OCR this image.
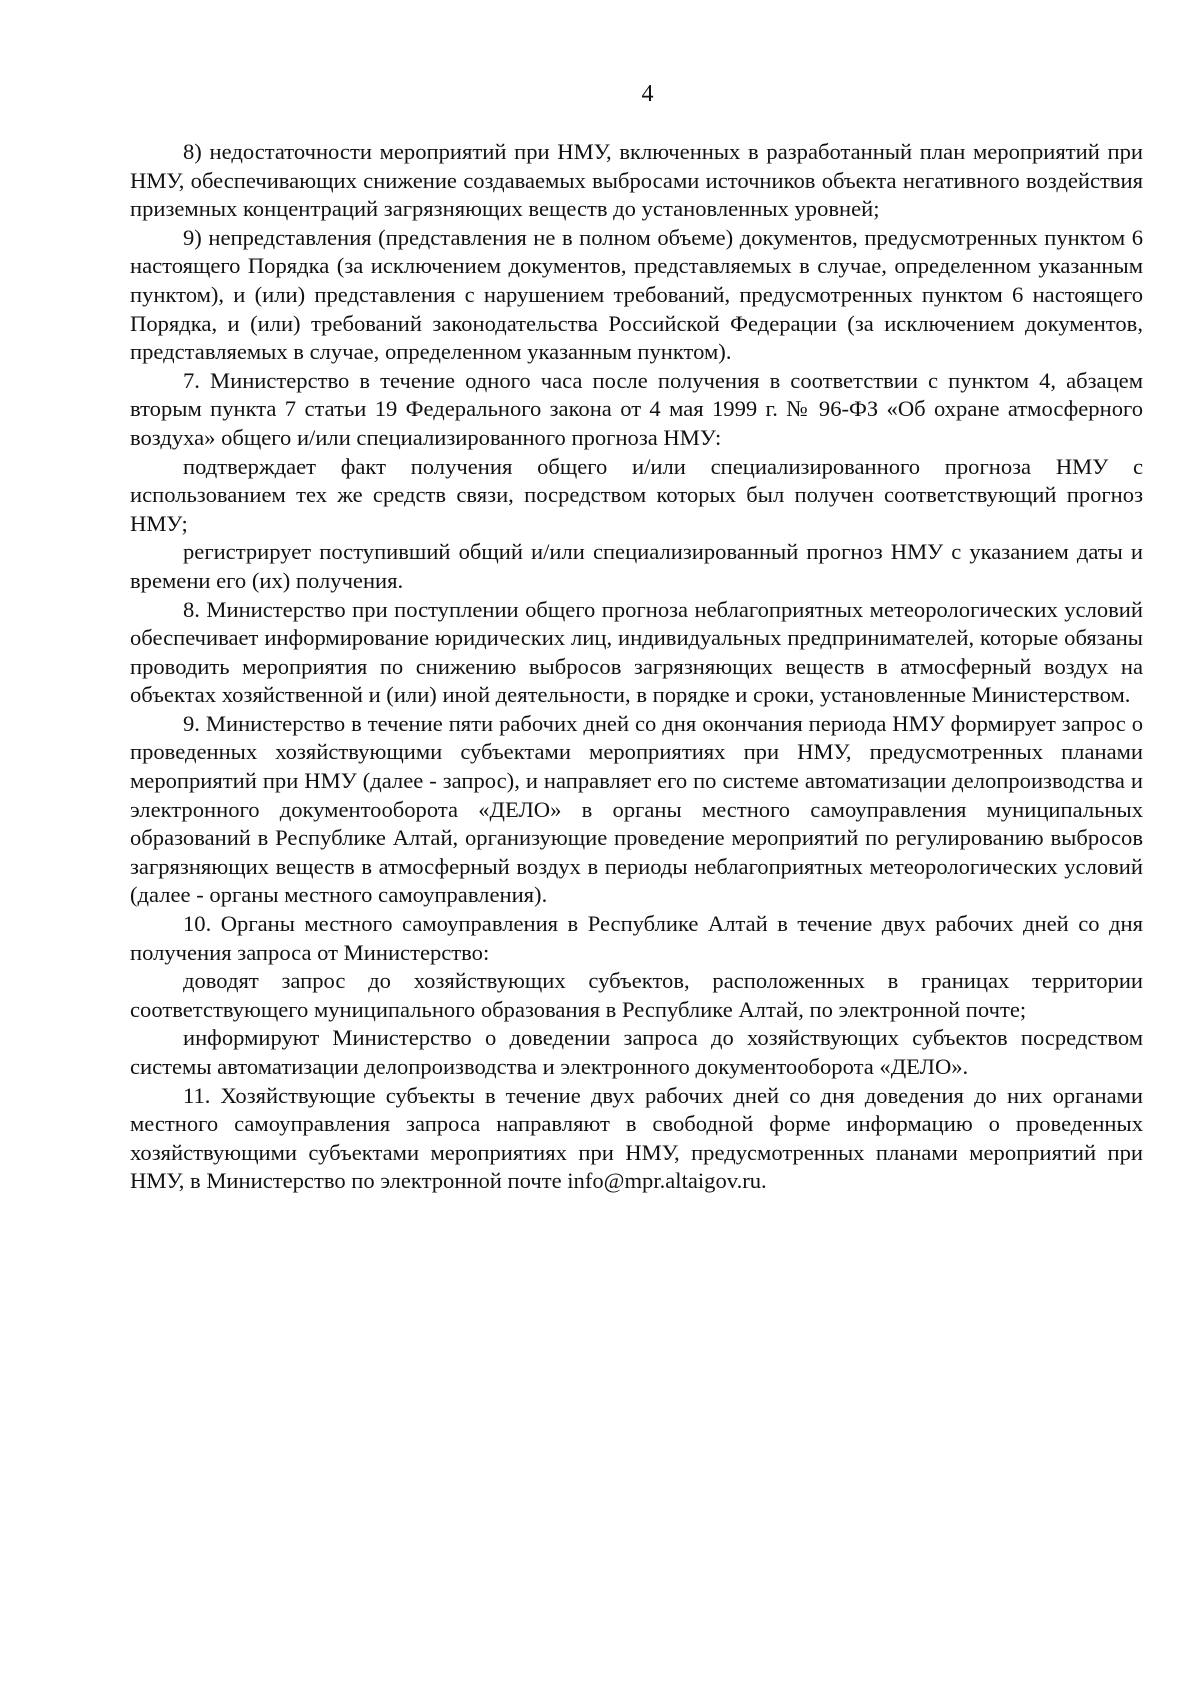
4

8) недостаточности мероприятий при НМУ, включенных в разработанный план мероприятий при НМУ, обеспечивающих снижение создаваемых выбросами источников объекта негативного воздействия приземных концентраций загрязняющих веществ до установленных уровней;

9) непредставления (представления не в полном объеме) документов, предусмотренных пунктом 6 настоящего Порядка (за исключением документов, представляемых в случае, определенном указанным пунктом), и (или) представления с нарушением требований, предусмотренных пунктом 6 настоящего Порядка, и (или) требований законодательства Российской Федерации (за исключением документов, представляемых в случае, определенном указанным пунктом).

7. Министерство в течение одного часа после получения в соответствии с пунктом 4, абзацем вторым пункта 7 статьи 19 Федерального закона от 4 мая 1999 г. № 96-ФЗ «Об охране атмосферного воздуха» общего и/или специализированного прогноза НМУ:

подтверждает факт получения общего и/или специализированного прогноза НМУ с использованием тех же средств связи, посредством которых был получен соответствующий прогноз НМУ;

регистрирует поступивший общий и/или специализированный прогноз НМУ с указанием даты и времени его (их) получения.

8. Министерство при поступлении общего прогноза неблагоприятных метеорологических условий обеспечивает информирование юридических лиц, индивидуальных предпринимателей, которые обязаны проводить мероприятия по снижению выбросов загрязняющих веществ в атмосферный воздух на объектах хозяйственной и (или) иной деятельности, в порядке и сроки, установленные Министерством.

9. Министерство в течение пяти рабочих дней со дня окончания периода НМУ формирует запрос о проведенных хозяйствующими субъектами мероприятиях при НМУ, предусмотренных планами мероприятий при НМУ (далее - запрос), и направляет его по системе автоматизации делопроизводства и электронного документооборота «ДЕЛО» в органы местного самоуправления муниципальных образований в Республике Алтай, организующие проведение мероприятий по регулированию выбросов загрязняющих веществ в атмосферный воздух в периоды неблагоприятных метеорологических условий (далее - органы местного самоуправления).

10. Органы местного самоуправления в Республике Алтай в течение двух рабочих дней со дня получения запроса от Министерство:

доводят запрос до хозяйствующих субъектов, расположенных в границах территории соответствующего муниципального образования в Республике Алтай, по электронной почте;

информируют Министерство о доведении запроса до хозяйствующих субъектов посредством системы автоматизации делопроизводства и электронного документооборота «ДЕЛО».

11. Хозяйствующие субъекты в течение двух рабочих дней со дня доведения до них органами местного самоуправления запроса направляют в свободной форме информацию о проведенных хозяйствующими субъектами мероприятиях при НМУ, предусмотренных планами мероприятий при НМУ, в Министерство по электронной почте info@mpr.altaigov.ru.
